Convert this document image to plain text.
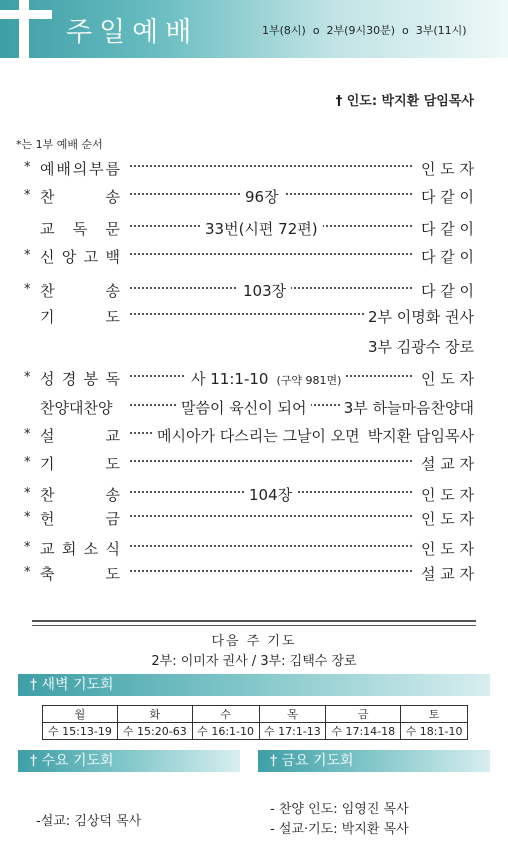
주일예배	1부(8시)  ο  2부(9시30분)  ο  3부(11시)
† 인도: 박지환 담임목사
*는 1부 예배 순서
* 예 배 의 부 름	인 도 자
* 찬	송	96장	다 같 이
교 독 문	33번(시편 72편)	다 같 이
* 신 앙 고 백	다 같 이
* 찬	송	103장	다 같 이
기	도	2부 이명화 권사
3부 김광수 장로
* 성 경 봉 독	사 11:1-10 (구약 981면)	인 도 자
찬양대찬양	말씀이 육신이 되어	3부 하늘마음찬양대
* 설	교	메시아가 다스리는 그날이 오면 박지환 담임목사
* 기	도	설 교 자
* 찬	송	104장	인 도 자
* 헌	금	인 도 자
* 교 회 소 식	인 도 자
* 축	도	설 교 자
다음 주 기도
2부: 이미자 권사 / 3부: 김택수 장로
† 새벽 기도회
월	화	수	목	금	토
수 15:13-19	수 15:20-63	수 16:1-10	수 17:1-13	수 17:14-18	수 18:1-10
† 수요 기도회	† 금요 기도회
-설교: 김상덕 목사
- 찬양 인도: 임영진 목사
- 설교·기도: 박지환 목사
